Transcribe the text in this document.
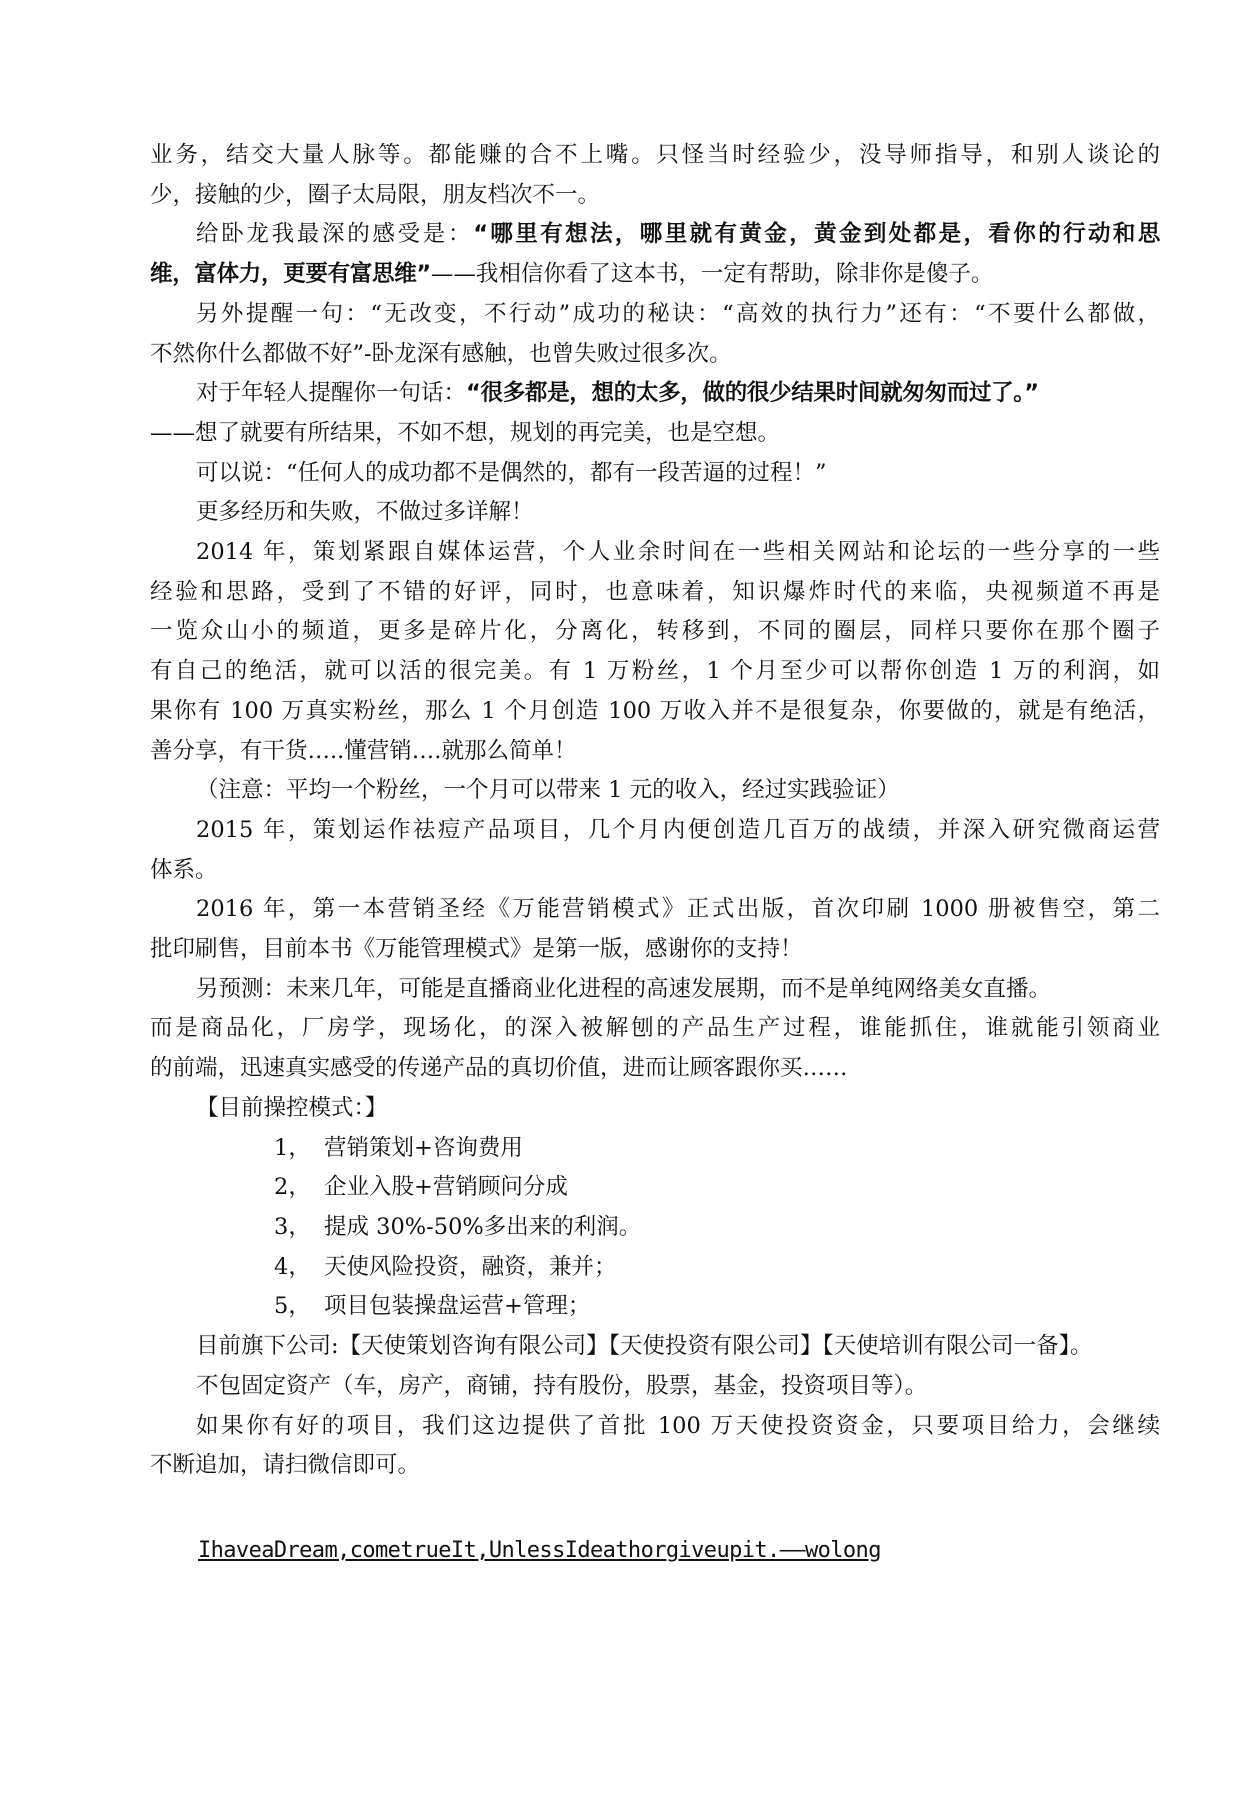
业务，结交大量人脉等。都能赚的合不上嘴。只怪当时经验少，没导师指导，和别人谈论的

少，接触的少，圈子太局限，朋友档次不一。

给卧龙我最深的感受是：“哪里有想法，哪里就有黄金，黄金到处都是，看你的行动和思

维，富体力，更要有富思维”——我相信你看了这本书，一定有帮助，除非你是傻子。

另外提醒一句：“无改变，不行动”成功的秘诀：“高效的执行力”还有：“不要什么都做，

不然你什么都做不好”-卧龙深有感触，也曾失败过很多次。

对于年轻人提醒你一句话：“很多都是，想的太多，做的很少结果时间就匆匆而过了。”

——想了就要有所结果，不如不想，规划的再完美，也是空想。

可以说：“任何人的成功都不是偶然的，都有一段苦逼的过程！”

更多经历和失败，不做过多详解！

2014 年，策划紧跟自媒体运营，个人业余时间在一些相关网站和论坛的一些分享的一些

经验和思路，受到了不错的好评，同时，也意味着，知识爆炸时代的来临，央视频道不再是

一览众山小的频道，更多是碎片化，分离化，转移到，不同的圈层，同样只要你在那个圈子

有自己的绝活，就可以活的很完美。有 1 万粉丝，1 个月至少可以帮你创造 1 万的利润，如

果你有 100 万真实粉丝，那么 1 个月创造 100 万收入并不是很复杂，你要做的，就是有绝活，

善分享，有干货…..懂营销….就那么简单！

（注意：平均一个粉丝，一个月可以带来 1 元的收入，经过实践验证）

2015 年，策划运作祛痘产品项目，几个月内便创造几百万的战绩，并深入研究微商运营

体系。

2016 年，第一本营销圣经《万能营销模式》正式出版，首次印刷 1000 册被售空，第二

批印刷售，目前本书《万能管理模式》是第一版，感谢你的支持！

另预测：未来几年，可能是直播商业化进程的高速发展期，而不是单纯网络美女直播。

而是商品化，厂房学，现场化，的深入被解刨的产品生产过程，谁能抓住，谁就能引领商业

的前端，迅速真实感受的传递产品的真切价值，进而让顾客跟你买……

【目前操控模式：】

1， 营销策划+咨询费用

2， 企业入股+营销顾问分成

3， 提成 30%-50%多出来的利润。

4， 天使风险投资，融资，兼并；

5， 项目包装操盘运营+管理；

目前旗下公司:【天使策划咨询有限公司】【天使投资有限公司】【天使培训有限公司一备】。

不包固定资产（车，房产，商铺，持有股份，股票，基金，投资项目等）。

如果你有好的项目，我们这边提供了首批 100 万天使投资资金，只要项目给力，会继续

不断追加，请扫微信即可。

IhaveaDream,cometrueIt,UnlessIdeathorgiveupit.——wolong
